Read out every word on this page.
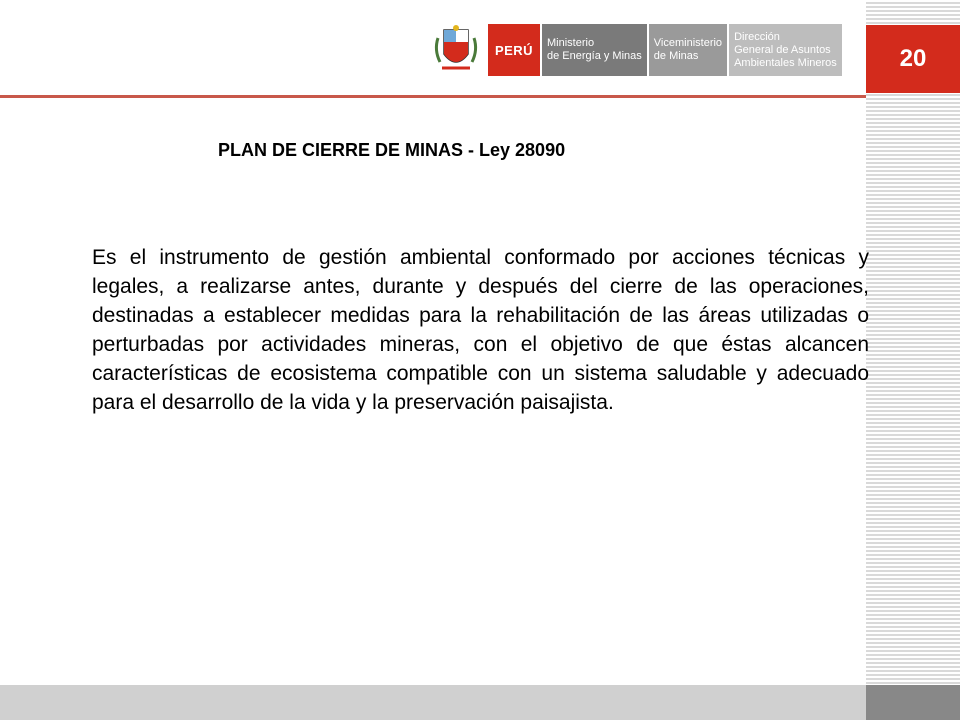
20
PERÚ Ministerio
de Energía y Minas
Viceministerio
de Minas
Dirección
General de Asuntos
Ambientales Mineros
PLAN DE CIERRE DE MINAS - Ley 28090
Es el instrumento de gestión ambiental conformado por acciones técnicas y legales, a realizarse antes, durante y después del cierre de las operaciones, destinadas a establecer medidas para la rehabilitación de las áreas utilizadas o perturbadas por actividades mineras, con el objetivo de que éstas alcancen características de ecosistema compatible con un sistema saludable y adecuado para el desarrollo de la vida y la preservación paisajista.
